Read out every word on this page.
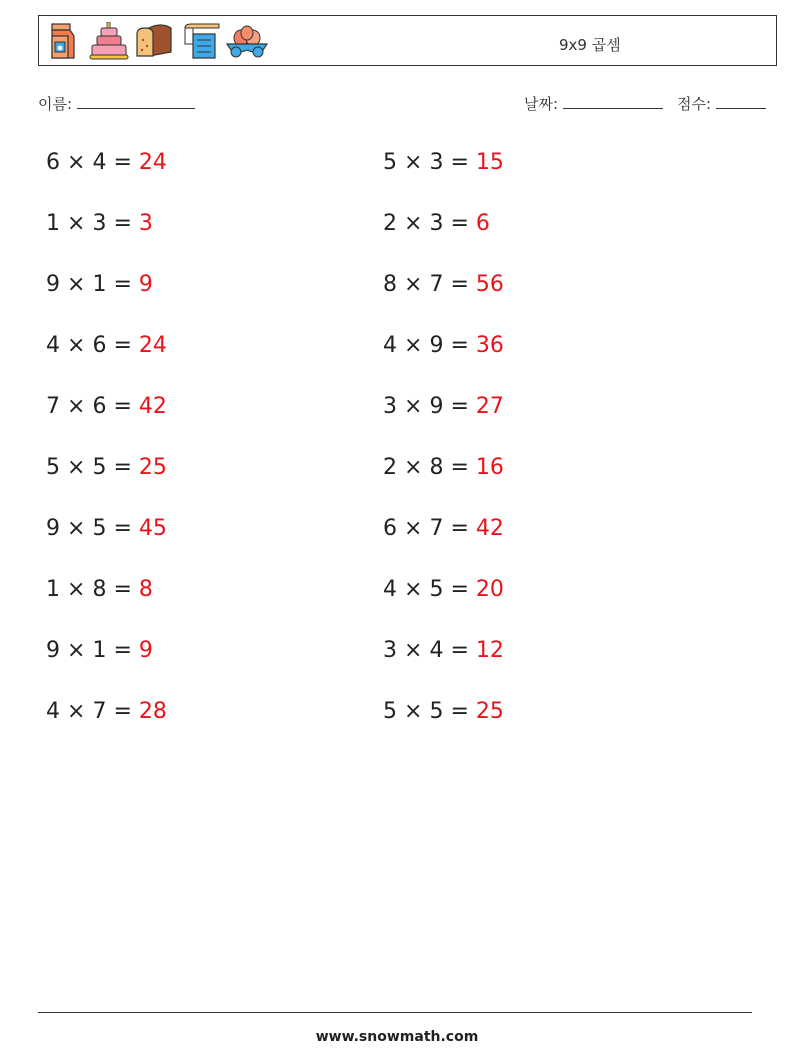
9x9 곱셈
이름:	날짜:	점수:
6 × 4 = 24	5 × 3 = 15
1 × 3 = 3	2 × 3 = 6
9 × 1 = 9	8 × 7 = 56
4 × 6 = 24	4 × 9 = 36
7 × 6 = 42	3 × 9 = 27
5 × 5 = 25	2 × 8 = 16
9 × 5 = 45	6 × 7 = 42
1 × 8 = 8	4 × 5 = 20
9 × 1 = 9	3 × 4 = 12
4 × 7 = 28	5 × 5 = 25
www.snowmath.com
